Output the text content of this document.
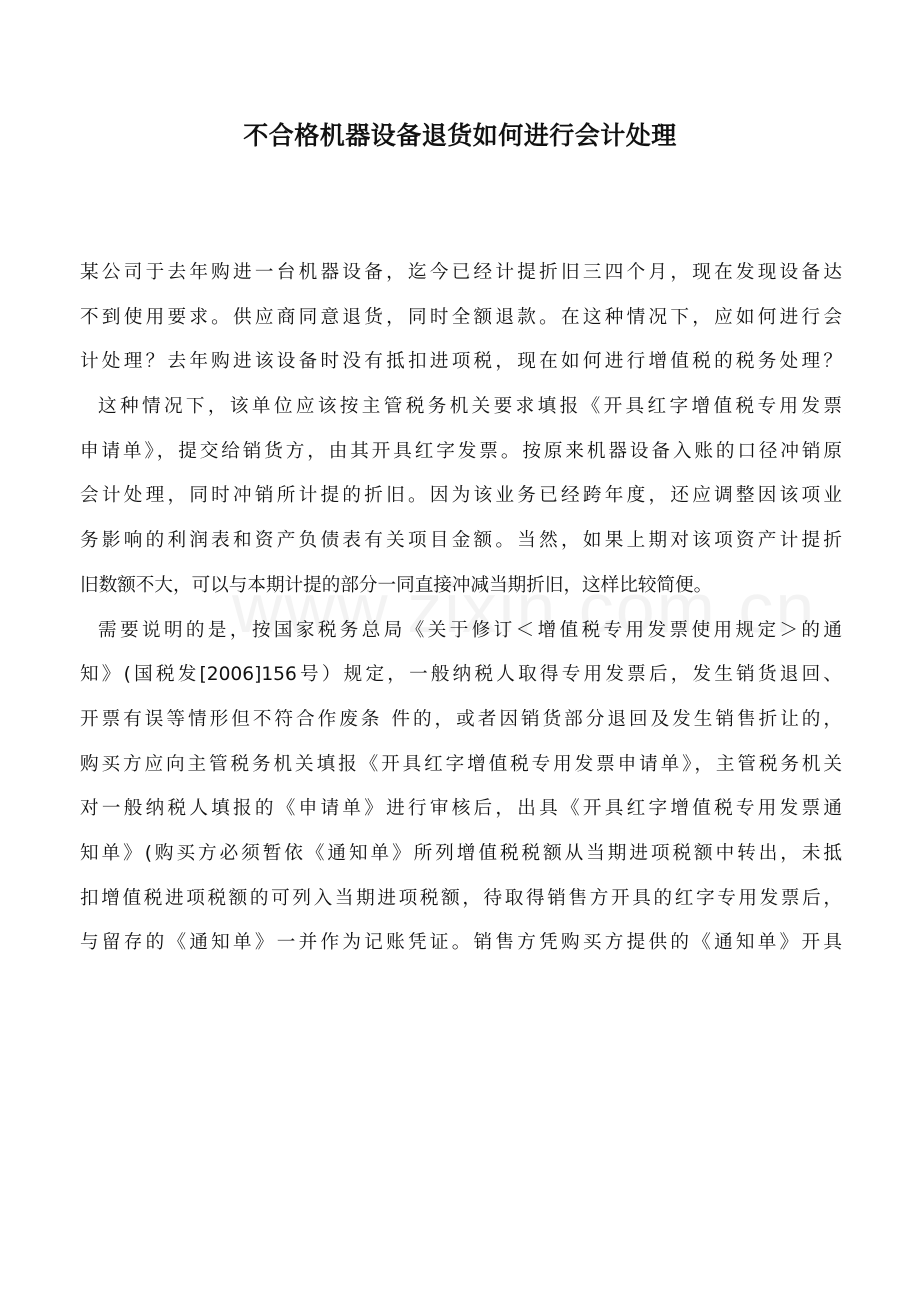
不合格机器设备退货如何进行会计处理
某公司于去年购进一台机器设备，迄今已经计提折旧三四个月，现在发现设备达
不到使用要求。供应商同意退货，同时全额退款。在这种情况下，应如何进行会
计处理？去年购进该设备时没有抵扣进项税，现在如何进行增值税的税务处理？
这种情况下，该单位应该按主管税务机关要求填报《开具红字增值税专用发票
申请单》，提交给销货方，由其开具红字发票。按原来机器设备入账的口径冲销原
会计处理，同时冲销所计提的折旧。因为该业务已经跨年度，还应调整因该项业
务影响的利润表和资产负债表有关项目金额。当然，如果上期对该项资产计提折
旧数额不大，可以与本期计提的部分一同直接冲减当期折旧，这样比较简便。
需要说明的是，按国家税务总局《关于修订＜增值税专用发票使用规定＞的通
知》(国税发[2006]156号）规定，一般纳税人取得专用发票后，发生销货退回、
开票有误等情形但不符合作废条 件的，或者因销货部分退回及发生销售折让的，
购买方应向主管税务机关填报《开具红字增值税专用发票申请单》，主管税务机关
对一般纳税人填报的《申请单》进行审核后，出具《开具红字增值税专用发票通
知单》(购买方必须暂依《通知单》所列增值税税额从当期进项税额中转出，未抵
扣增值税进项税额的可列入当期进项税额，待取得销售方开具的红字专用发票后，
与留存的《通知单》一并作为记账凭证。销售方凭购买方提供的《通知单》开具
